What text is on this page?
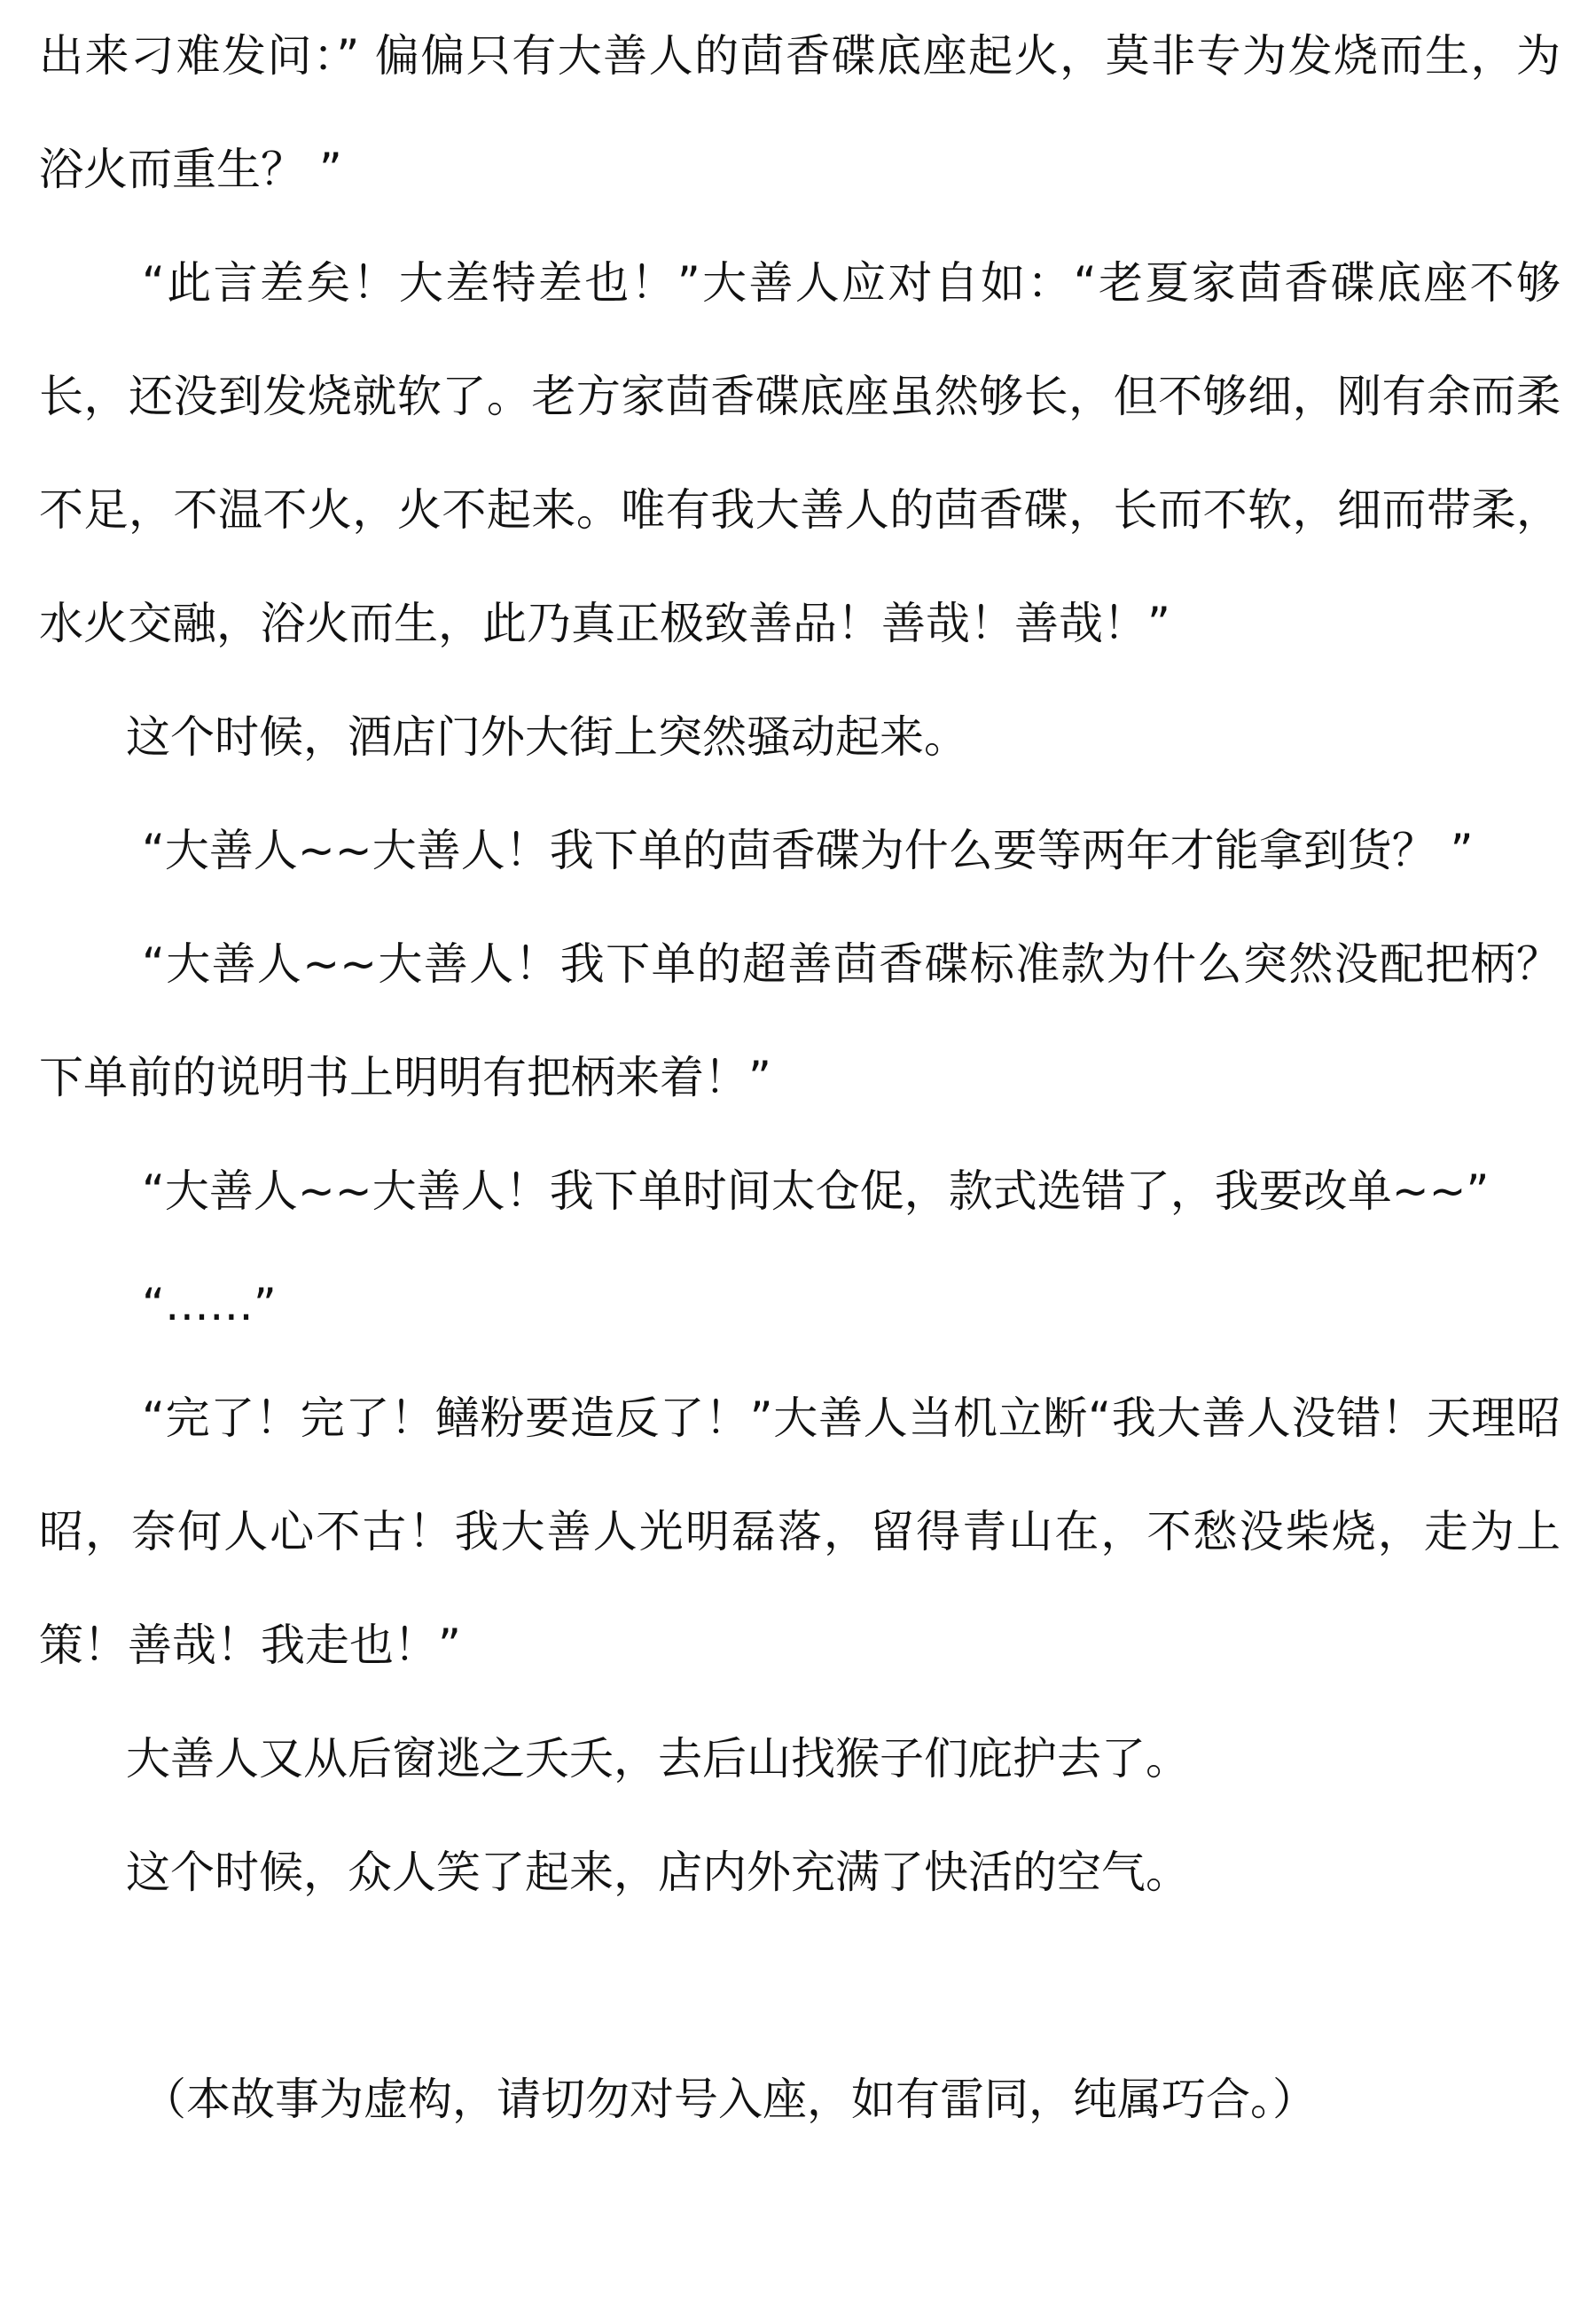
出来刁难发问：” 偏偏只有大善人的茴香碟底座起火，莫非专为发烧而生，为浴火而重生？ ”

“此言差矣！大差特差也！”大善人应对自如：“老夏家茴香碟底座不够长，还没到发烧就软了。老方家茴香碟底座虽然够长，但不够细，刚有余而柔不足，不温不火，火不起来。唯有我大善人的茴香碟，长而不软，细而带柔，水火交融，浴火而生，此乃真正极致善品！善哉！善哉！”

这个时候，酒店门外大街上突然骚动起来。

“大善人~~大善人！我下单的茴香碟为什么要等两年才能拿到货？ ”

“大善人~~大善人！我下单的超善茴香碟标准款为什么突然没配把柄？下单前的说明书上明明有把柄来着！”

“大善人~~大善人！我下单时间太仓促，款式选错了，我要改单~~”

“……”

“完了！完了！鳝粉要造反了！”大善人当机立断“我大善人没错！天理昭昭，奈何人心不古！我大善人光明磊落，留得青山在，不愁没柴烧，走为上策！善哉！我走也！”

大善人又从后窗逃之夭夭，去后山找猴子们庇护去了。

这个时候，众人笑了起来，店内外充满了快活的空气。

（本故事为虚构，请切勿对号入座，如有雷同，纯属巧合。）
